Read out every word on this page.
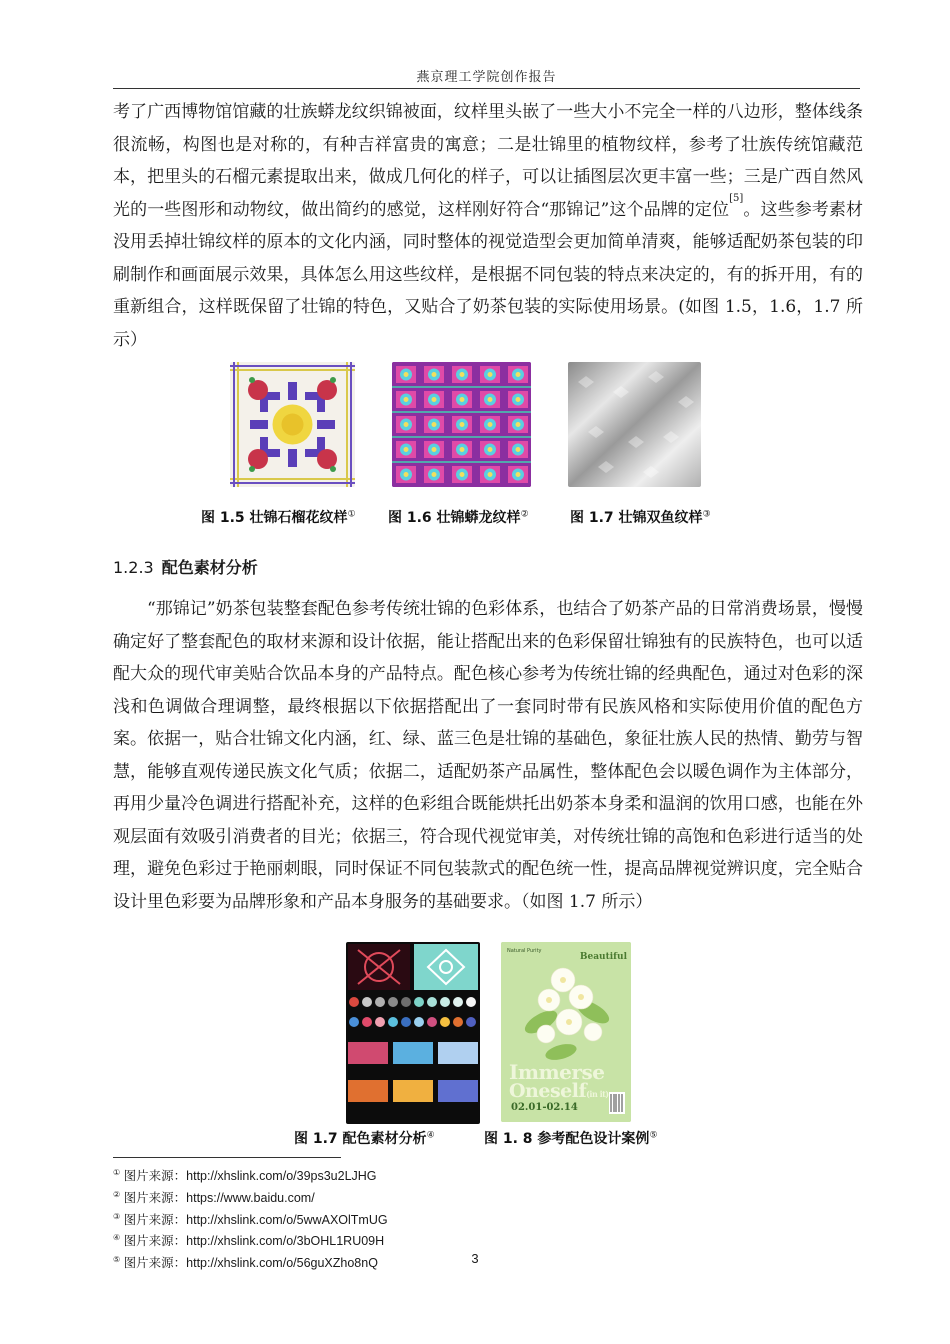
燕京理工学院创作报告

考了广西博物馆馆藏的壮族蟒龙纹织锦被面，纹样里头嵌了一些大小不完全一样的八边形，整体线条很流畅，构图也是对称的，有种吉祥富贵的寓意；二是壮锦里的植物纹样，参考了壮族传统馆藏范本，把里头的石榴元素提取出来，做成几何化的样子，可以让插图层次更丰富一些；三是广西自然风光的一些图形和动物纹，做出简约的感觉，这样刚好符合“那锦记”这个品牌的定位[5]。这些参考素材没用丢掉壮锦纹样的原本的文化内涵，同时整体的视觉造型会更加简单清爽，能够适配奶茶包装的印刷制作和画面展示效果，具体怎么用这些纹样，是根据不同包装的特点来决定的，有的拆开用，有的重新组合，这样既保留了壮锦的特色，又贴合了奶茶包装的实际使用场景。(如图 1.5，1.6，1.7 所示）

图 1.5 壮锦石榴花纹样① 图 1.6 壮锦蟒龙纹样②	图 1.7 壮锦双鱼纹样③
1.2.3 配色素材分析

“那锦记”奶茶包装整套配色参考传统壮锦的色彩体系，也结合了奶茶产品的日常消费场景，慢慢确定好了整套配色的取材来源和设计依据，能让搭配出来的色彩保留壮锦独有的民族特色，也可以适配大众的现代审美贴合饮品本身的产品特点。配色核心参考为传统壮锦的经典配色，通过对色彩的深浅和色调做合理调整，最终根据以下依据搭配出了一套同时带有民族风格和实际使用价值的配色方案。依据一，贴合壮锦文化内涵，红、绿、蓝三色是壮锦的基础色，象征壮族人民的热情、勤劳与智慧，能够直观传递民族文化气质；依据二，适配奶茶产品属性，整体配色会以暖色调作为主体部分，再用少量冷色调进行搭配补充，这样的色彩组合既能烘托出奶茶本身柔和温润的饮用口感，也能在外观层面有效吸引消费者的目光；依据三，符合现代视觉审美，对传统壮锦的高饱和色彩进行适当的处理，避免色彩过于艳丽刺眼，同时保证不同包装款式的配色统一性，提高品牌视觉辨识度，完全贴合设计里色彩要为品牌形象和产品本身服务的基础要求。（如图 1.7 所示）

Natural Purity
Beautiful
Immerse
Oneself(in it)
02.01-02.14
图 1.7 配色素材分析④	图 1. 8 参考配色设计案例⑤
① 图片来源：http://xhslink.com/o/39ps3u2LJHG
② 图片来源：https://www.baidu.com/
③ 图片来源：http://xhslink.com/o/5wwAXOlTmUG
④ 图片来源：http://xhslink.com/o/3bOHL1RU09H
⑤ 图片来源：http://xhslink.com/o/56guXZho8nQ	3
